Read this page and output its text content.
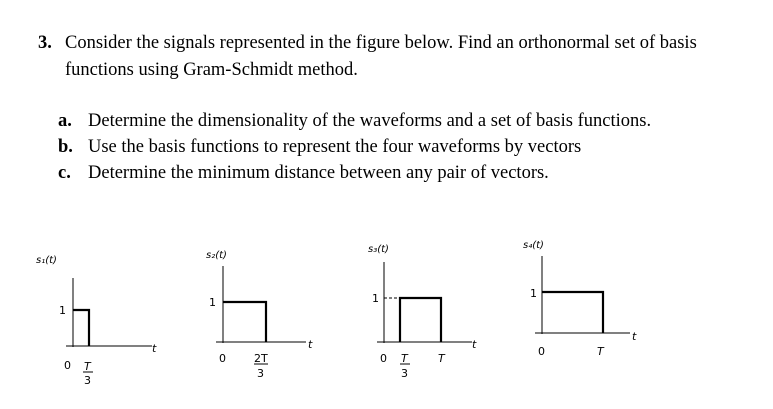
3. Consider the signals represented in the figure below. Find an orthonormal set of basis functions using Gram-Schmidt method.
a. Determine the dimensionality of the waveforms and a set of basis functions.
b. Use the basis functions to represent the four waveforms by vectors
c. Determine the minimum distance between any pair of vectors.
s₁(t)
1
t
0 T
3
s₂(t)
1
t
0	2T
3
s₃(t)
1
t
0 T
3
T
s₄(t)
1
t
0	T
